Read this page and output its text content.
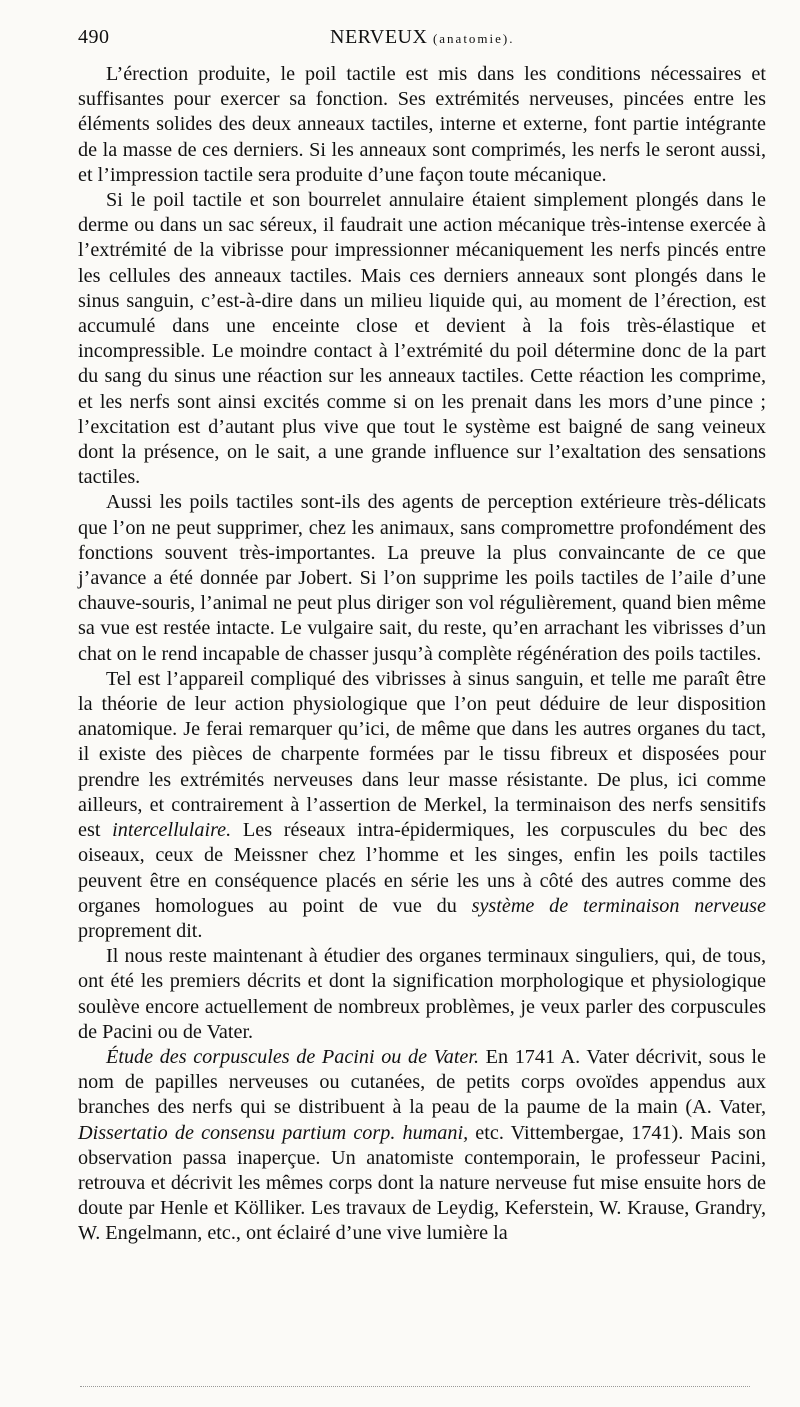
490	NERVEUX (anatomie).

L’érection produite, le poil tactile est mis dans les conditions nécessaires et suffisantes pour exercer sa fonction. Ses extrémités nerveuses, pincées entre les éléments solides des deux anneaux tactiles, interne et externe, font partie intégrante de la masse de ces derniers. Si les anneaux sont comprimés, les nerfs le seront aussi, et l’impression tactile sera produite d’une façon toute mécanique.

Si le poil tactile et son bourrelet annulaire étaient simplement plongés dans le derme ou dans un sac séreux, il faudrait une action mécanique très-intense exercée à l’extrémité de la vibrisse pour impressionner mécaniquement les nerfs pincés entre les cellules des anneaux tactiles. Mais ces derniers anneaux sont plongés dans le sinus sanguin, c’est-à-dire dans un milieu liquide qui, au moment de l’érection, est accumulé dans une enceinte close et devient à la fois très-élastique et incompressible. Le moindre contact à l’extrémité du poil détermine donc de la part du sang du sinus une réaction sur les anneaux tactiles. Cette réaction les comprime, et les nerfs sont ainsi excités comme si on les prenait dans les mors d’une pince ; l’excitation est d’autant plus vive que tout le système est baigné de sang veineux dont la présence, on le sait, a une grande influence sur l’exaltation des sensations tactiles.

Aussi les poils tactiles sont-ils des agents de perception extérieure très-délicats que l’on ne peut supprimer, chez les animaux, sans compromettre profondément des fonctions souvent très-importantes. La preuve la plus convaincante de ce que j’avance a été donnée par Jobert. Si l’on supprime les poils tactiles de l’aile d’une chauve-souris, l’animal ne peut plus diriger son vol régulièrement, quand bien même sa vue est restée intacte. Le vulgaire sait, du reste, qu’en arrachant les vibrisses d’un chat on le rend incapable de chasser jusqu’à complète régénération des poils tactiles.

Tel est l’appareil compliqué des vibrisses à sinus sanguin, et telle me paraît être la théorie de leur action physiologique que l’on peut déduire de leur disposition anatomique. Je ferai remarquer qu’ici, de même que dans les autres organes du tact, il existe des pièces de charpente formées par le tissu fibreux et disposées pour prendre les extrémités nerveuses dans leur masse résistante. De plus, ici comme ailleurs, et contrairement à l’assertion de Merkel, la terminaison des nerfs sensitifs est intercellulaire. Les réseaux intra-épidermiques, les corpuscules du bec des oiseaux, ceux de Meissner chez l’homme et les singes, enfin les poils tactiles peuvent être en conséquence placés en série les uns à côté des autres comme des organes homologues au point de vue du système de terminaison nerveuse proprement dit.

Il nous reste maintenant à étudier des organes terminaux singuliers, qui, de tous, ont été les premiers décrits et dont la signification morphologique et physiologique soulève encore actuellement de nombreux problèmes, je veux parler des corpuscules de Pacini ou de Vater.

Étude des corpuscules de Pacini ou de Vater. En 1741 A. Vater décrivit, sous le nom de papilles nerveuses ou cutanées, de petits corps ovoïdes appendus aux branches des nerfs qui se distribuent à la peau de la paume de la main (A. Vater, Dissertatio de consensu partium corp. humani, etc. Vittembergae, 1741). Mais son observation passa inaperçue. Un anatomiste contemporain, le professeur Pacini, retrouva et décrivit les mêmes corps dont la nature nerveuse fut mise ensuite hors de doute par Henle et Kölliker. Les travaux de Leydig, Keferstein, W. Krause, Grandry, W. Engelmann, etc., ont éclairé d’une vive lumière la
